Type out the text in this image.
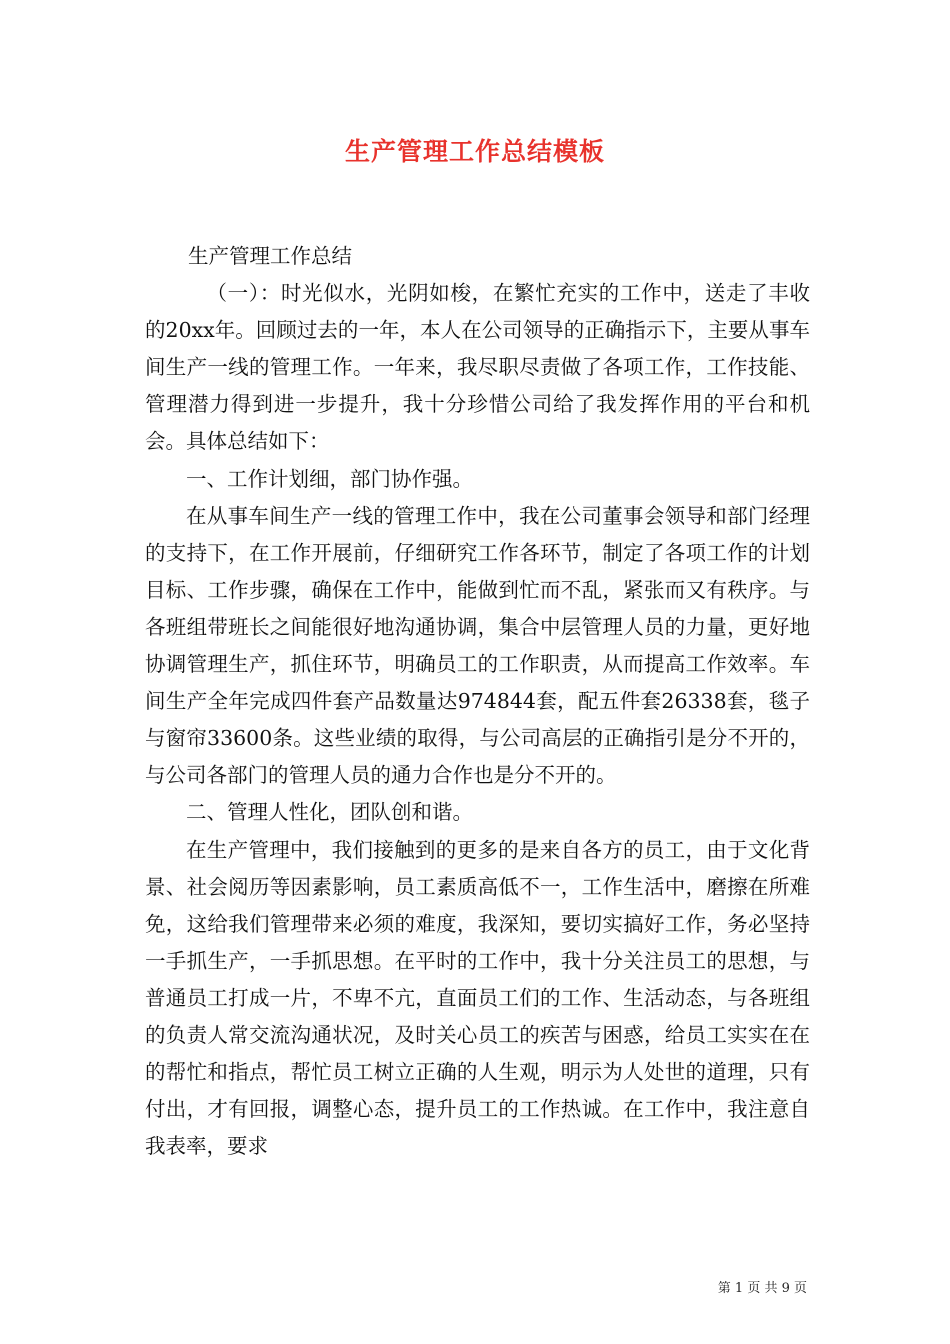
生产管理工作总结模板

生产管理工作总结

（一）：时光似水，光阴如梭，在繁忙充实的工作中，送走了丰收的20xx年。回顾过去的一年，本人在公司领导的正确指示下，主要从事车间生产一线的管理工作。一年来，我尽职尽责做了各项工作，工作技能、管理潜力得到进一步提升，我十分珍惜公司给了我发挥作用的平台和机会。具体总结如下：

一、工作计划细，部门协作强。

在从事车间生产一线的管理工作中，我在公司董事会领导和部门经理的支持下，在工作开展前，仔细研究工作各环节，制定了各项工作的计划目标、工作步骤，确保在工作中，能做到忙而不乱，紧张而又有秩序。与各班组带班长之间能很好地沟通协调，集合中层管理人员的力量，更好地协调管理生产，抓住环节，明确员工的工作职责，从而提高工作效率。车间生产全年完成四件套产品数量达974844套，配五件套26338套，毯子与窗帘33600条。这些业绩的取得，与公司高层的正确指引是分不开的，与公司各部门的管理人员的通力合作也是分不开的。

二、管理人性化，团队创和谐。

在生产管理中，我们接触到的更多的是来自各方的员工，由于文化背景、社会阅历等因素影响，员工素质高低不一，工作生活中，磨擦在所难免，这给我们管理带来必须的难度，我深知，要切实搞好工作，务必坚持一手抓生产，一手抓思想。在平时的工作中，我十分关注员工的思想，与普通员工打成一片，不卑不亢，直面员工们的工作、生活动态，与各班组的负责人常交流沟通状况，及时关心员工的疾苦与困惑，给员工实实在在的帮忙和指点，帮忙员工树立正确的人生观，明示为人处世的道理，只有付出，才有回报，调整心态，提升员工的工作热诚。在工作中，我注意自我表率，要求

第 1 页 共 9 页
